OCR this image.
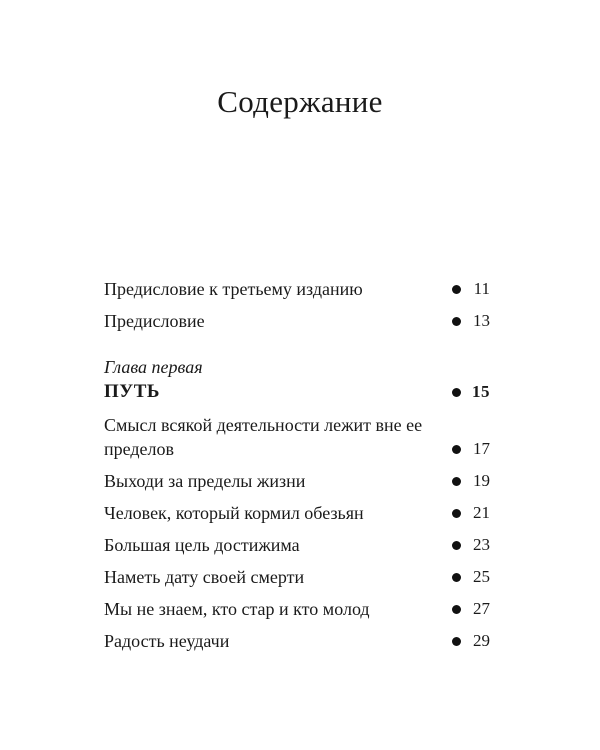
Содержание
Предисловие к третьему изданию	11
Предисловие	13
Глава первая
ПУТЬ	15
Смысл всякой деятельности лежит вне ее пределов	17
Выходи за пределы жизни	19
Человек, который кормил обезьян	21
Большая цель достижима	23
Наметь дату своей смерти	25
Мы не знаем, кто стар и кто молод	27
Радость неудачи	29
